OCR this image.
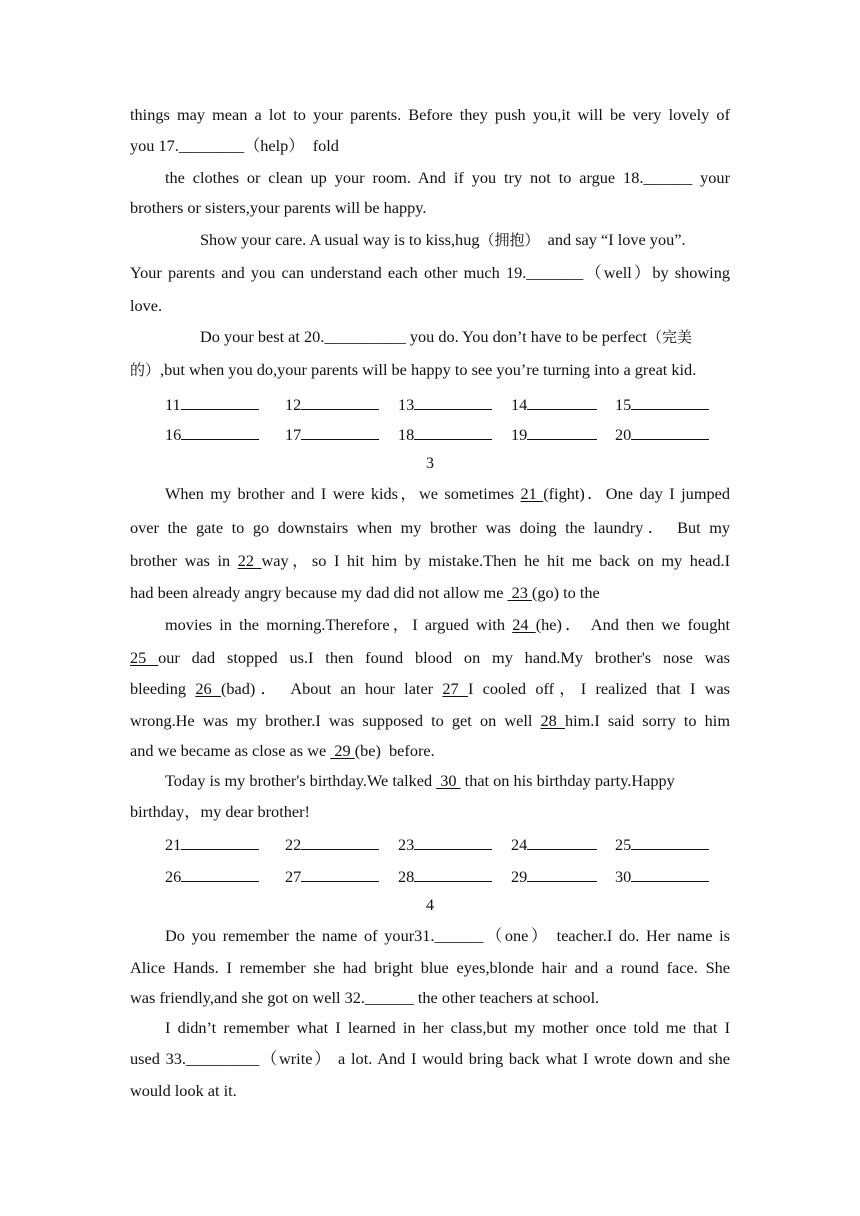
things may mean a lot to your parents. Before they push you,it will be very lovely of
you 17.________（help）  fold
the clothes or clean up your room. And if you try not to argue 18.______ your
brothers or sisters,your parents will be happy.
Show your care. A usual way is to kiss,hug（拥抱）  and say “I love you”.
Your parents and you can understand each other much 19._______（well）by showing
love.
Do your best at 20.__________ you do. You don’t have to be perfect（完美
的）,but when you do,your parents will be happy to see you’re turning into a great kid.
11	12	13	14	15
16	17	18	19	20
3
When my brother and I were kids，we sometimes 21 (fight)．One day I jumped
over the gate to go downstairs when my brother was doing the laundry． But my
brother was in 22 way，so I hit him by mistake.Then he hit me back on my head.I
had been already angry because my dad did not allow me  23 (go) to the
movies in the morning.Therefore，I argued with 24 (he)． And then we fought
25 our dad stopped us.I then found blood on my hand.My brother's nose was
bleeding 26 (bad)． About an hour later 27 I cooled off，I realized that I was
wrong.He was my brother.I was supposed to get on well 28 him.I said sorry to him
and we became as close as we  29 (be)  before.
Today is my brother's birthday.We talked  30  that on his birthday party.Happy
birthday，my dear brother!
21	22	23	24	25
26	27	28	29	30
4
Do you remember the name of your31.______（one） teacher.I do. Her name is
Alice Hands. I remember she had bright blue eyes,blonde hair and a round face. She
was friendly,and she got on well 32.______ the other teachers at school.
I didn’t remember what I learned in her class,but my mother once told me that I
used 33._________（write） a lot. And I would bring back what I wrote down and she
would look at it.
